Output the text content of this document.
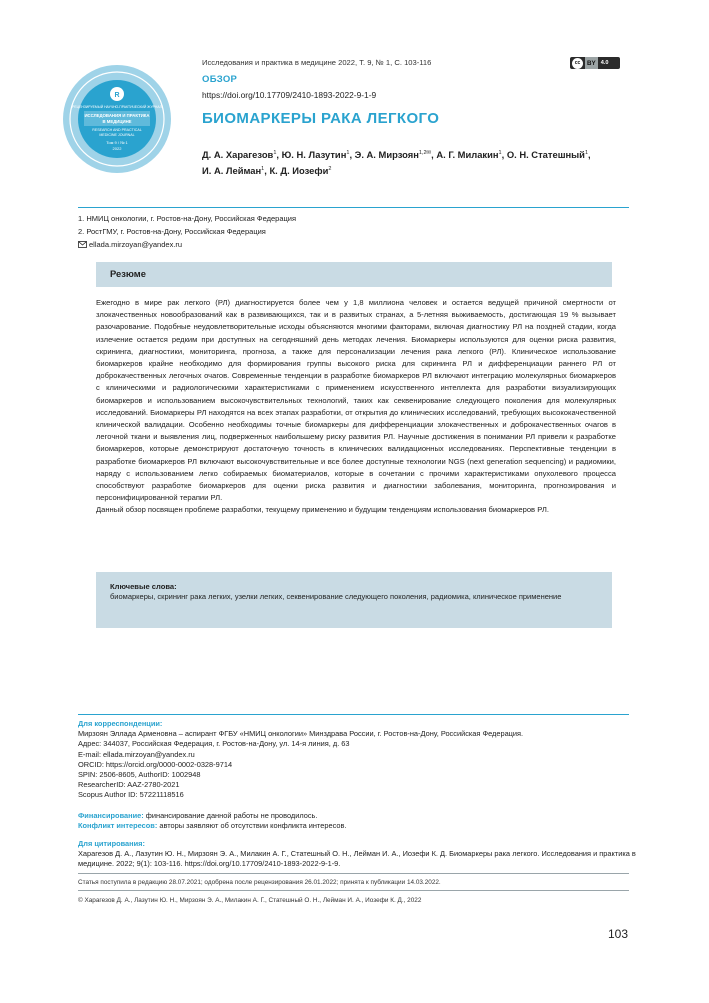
R
РЕЦЕНЗИРУЕМЫЙ НАУЧНО-ПРАКТИЧЕСКИЙ ЖУРНАЛ
ИССЛЕДОВАНИЯ И ПРАКТИКА
В МЕДИЦИНЕ
RESEARCH AND PRACTICAL
MEDICINE JOURNAL
Том 9 / № 1
2022
Исследования и практика в медицине 2022, Т. 9, № 1, С. 103-116	cc	BY 4.0
ОБЗОР
https://doi.org/10.17709/2410-1893-2022-9-1-9
БИОМАРКЕРЫ РАКА ЛЕГКОГО
Д. А. Харагезов$^1$, Ю. Н. Лазутин$^1$, Э. А. Мирзоян$^{1,2✉}$, А. Г. Милакин$^1$, О. Н. Статешный$^1$,
И. А. Лейман$^1$, К. Д. Иозефи$^2$
1. НМИЦ онкологии, г. Ростов-на-Дону, Российская Федерация
2. РостГМУ, г. Ростов-на-Дону, Российская Федерация
ellada.mirzoyan@yandex.ru
Резюме

Ежегодно в мире рак легкого (РЛ) диагностируется более чем у 1,8 миллиона человек и остается ведущей причиной смертности от злокачественных новообразований как в развивающихся, так и в развитых странах, а 5-летняя выживаемость, достигающая 19 % вызывает разочарование. Подобные неудовлетворительные исходы объясняются многими факторами, включая диагностику РЛ на поздней стадии, когда излечение остается редким при доступных на сегодняшний день методах лечения. Биомаркеры используются для оценки риска развития, скрининга, диагностики, мониторинга, прогноза, а также для персонализации лечения рака легкого (РЛ). Клиническое использование биомаркеров крайне необходимо для формирования группы высокого риска для скрининга РЛ и дифференциации раннего РЛ от доброкачественных легочных очагов. Современные тенденции в разработке биомаркеров РЛ включают интеграцию молекулярных биомаркеров с клиническими и радиологическими характеристиками с применением искусственного интеллекта для разработки визуализирующих биомаркеров и использованием высокочувствительных технологий, таких как секвенирование следующего поколения для молекулярных исследований. Биомаркеры РЛ находятся на всех этапах разработки, от открытия до клинических исследований, требующих высококачественной клинической валидации. Особенно необходимы точные биомаркеры для дифференциации злокачественных и доброкачественных очагов в легочной ткани и выявления лиц, подверженных наибольшему риску развития РЛ. Научные достижения в понимании РЛ привели к разработке биомаркеров, которые демонстрируют достаточную точность в клинических валидационных исследованиях. Перспективные тенденции в разработке биомаркеров РЛ включают высокочувствительные и все более доступные технологии NGS (next generation sequencing) и радиомики, наряду с использованием легко собираемых биоматериалов, которые в сочетании с прочими характеристиками опухолевого процесса способствуют разработке биомаркеров для оценки риска развития и диагностики заболевания, мониторинга, прогнозирования и персонифицированной терапии РЛ.

Данный обзор посвящен проблеме разработки, текущему применению и будущим тенденциям использования биомаркеров РЛ.

Ключевые слова:
биомаркеры, скрининг рака легких, узелки легких, секвенирование следующего поколения, радиомика, клиническое применение
Для корреспонденции:
Мирзоян Эллада Армeновна – аспирант ФГБУ «НМИЦ онкологии» Минздрава России, г. Ростов-на-Дону, Российская Федерация.
Адрес: 344037, Российская Федерация, г. Ростов-на-Дону, ул. 14-я линия, д. 63
E-mail: ellada.mirzoyan@yandex.ru
ORCID: https://orcid.org/0000-0002-0328-9714
SPIN: 2506-8605, AuthorID: 1002948
ResearcherID: AAZ-2780-2021
Scopus Author ID: 57221118516
Финансирование: финансирование данной работы не проводилось.
Конфликт интересов: авторы заявляют об отсутствии конфликта интересов.
Для цитирования:
Харагезов Д. А., Лазутин Ю. Н., Мирзоян Э. А., Милакин А. Г., Статешный О. Н., Лейман И. А., Иозефи К. Д. Биомаркеры рака легкого. Исследования и практика в медицине. 2022; 9(1): 103-116. https://doi.org/10.17709/2410-1893-2022-9-1-9.
Статья поступила в редакцию 28.07.2021; одобрена после рецензирования 26.01.2022; принята к публикации 14.03.2022.
© Харагезов Д. А., Лазутин Ю. Н., Мирзоян Э. А., Милакин А. Г., Статешный О. Н., Лейман И. А., Иозефи К. Д., 2022
103
